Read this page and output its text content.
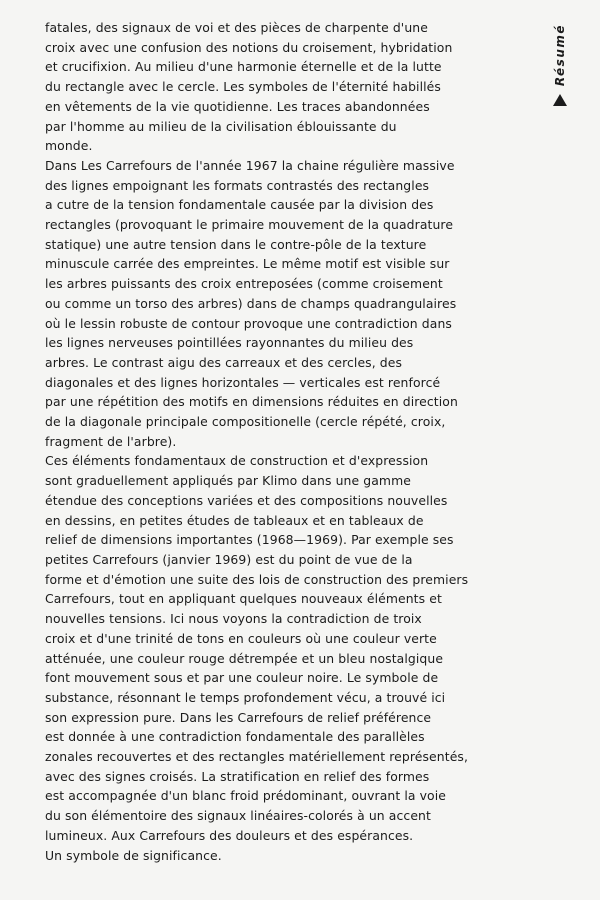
fatales, des signaux de voi et des pièces de charpente d'une
croix avec une confusion des notions du croisement, hybridation
et crucifixion. Au milieu d'une harmonie éternelle et de la lutte
du rectangle avec le cercle. Les symboles de l'éternité habillés
en vêtements de la vie quotidienne. Les traces abandonnées
par l'homme au milieu de la civilisation éblouissante du
monde.
Dans Les Carrefours de l'année 1967 la chaine régulière massive
des lignes empoignant les formats contrastés des rectangles
a cutre de la tension fondamentale causée par la division des
rectangles (provoquant le primaire mouvement de la quadrature
statique) une autre tension dans le contre-pôle de la texture
minuscule carrée des empreintes. Le même motif est visible sur
les arbres puissants des croix entreposées (comme croisement
ou comme un torso des arbres) dans de champs quadrangulaires
où le lessin robuste de contour provoque une contradiction dans
les lignes nerveuses pointillées rayonnantes du milieu des
arbres. Le contrast aigu des carreaux et des cercles, des
diagonales et des lignes horizontales — verticales est renforcé
par une répétition des motifs en dimensions réduites en direction
de la diagonale principale compositionelle (cercle répété, croix,
fragment de l'arbre).
Ces éléments fondamentaux de construction et d'expression
sont graduellement appliqués par Klimo dans une gamme
étendue des conceptions variées et des compositions nouvelles
en dessins, en petites études de tableaux et en tableaux de
relief de dimensions importantes (1968—1969). Par exemple ses
petites Carrefours (janvier 1969) est du point de vue de la
forme et d'émotion une suite des lois de construction des premiers
Carrefours, tout en appliquant quelques nouveaux éléments et
nouvelles tensions. Ici nous voyons la contradiction de troix
croix et d'une trinité de tons en couleurs où une couleur verte
atténuée, une couleur rouge détrempée et un bleu nostalgique
font mouvement sous et par une couleur noire. Le symbole de
substance, résonnant le temps profondement vécu, a trouvé ici
son expression pure. Dans les Carrefours de relief préférence
est donnée à une contradiction fondamentale des parallèles
zonales recouvertes et des rectangles matériellement représentés,
avec des signes croisés. La stratification en relief des formes
est accompagnée d'un blanc froid prédominant, ouvrant la voie
du son élémentoire des signaux linéaires-colorés à un accent
lumineux. Aux Carrefours des douleurs et des espérances.
Un symbole de significance.
Résumé
